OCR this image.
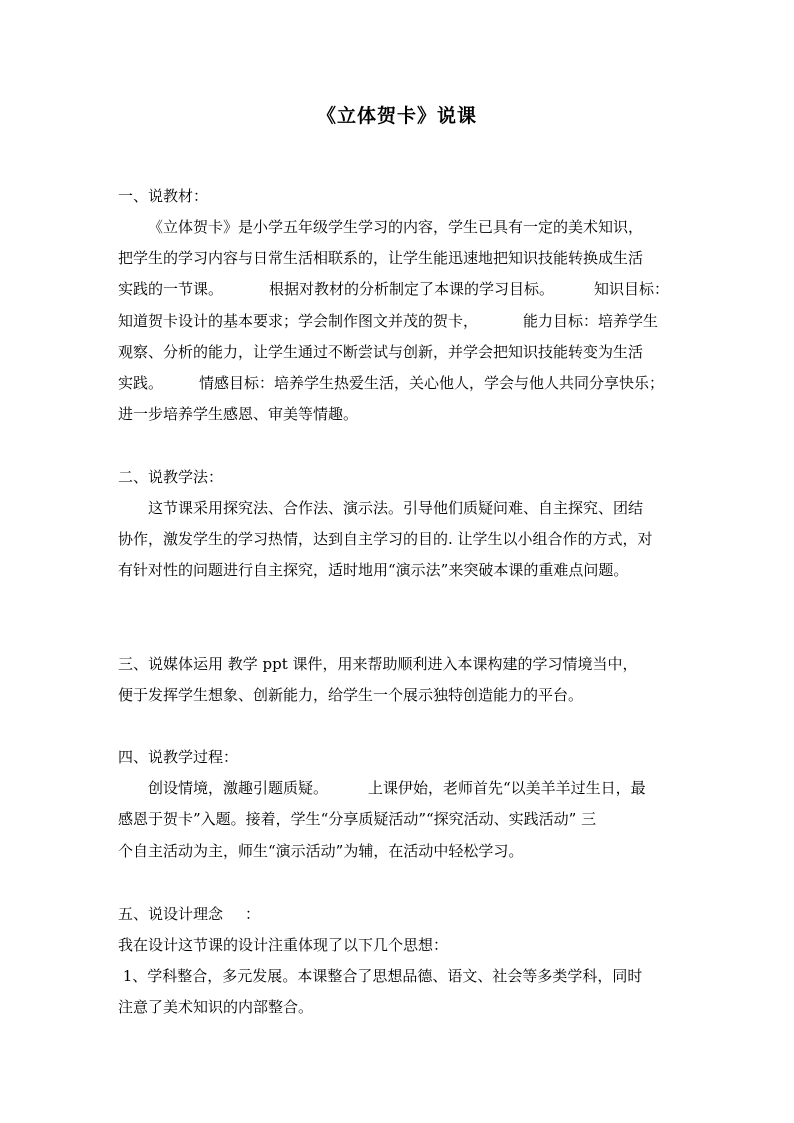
《立体贺卡》说课
一、说教材：
《立体贺卡》是小学五年级学生学习的内容，学生已具有一定的美术知识，
把学生的学习内容与日常生活相联系的，让学生能迅速地把知识技能转换成生活
实践的一节课。	根据对教材的分析制定了本课的学习目标。	知识目标：
知道贺卡设计的基本要求；学会制作图文并茂的贺卡，	能力目标：培养学生
观察、分析的能力，让学生通过不断尝试与创新，并学会把知识技能转变为生活
实践。 情感目标：培养学生热爱生活，关心他人，学会与他人共同分享快乐；
进一步培养学生感恩、审美等情趣。
二、说教学法：
这节课采用探究法、合作法、演示法。引导他们质疑问难、自主探究、团结
协作，激发学生的学习热情，达到自主学习的目的. 让学生以小组合作的方式，对
有针对性的问题进行自主探究，适时地用“演示法”来突破本课的重难点问题。
三、说媒体运用 教学 ppt 课件，用来帮助顺利进入本课构建的学习情境当中，
便于发挥学生想象、创新能力，给学生一个展示独特创造能力的平台。
四、说教学过程：
创设情境，激趣引题质疑。	上课伊始，老师首先“以美羊羊过生日，最
感恩于贺卡”入题。接着，学生“分享质疑活动”“探究活动、实践活动” 三
个自主活动为主，师生“演示活动”为辅，在活动中轻松学习。
五、说设计理念 ：
我在设计这节课的设计注重体现了以下几个思想：
1、学科整合，多元发展。本课整合了思想品德、语文、社会等多类学科，同时
注意了美术知识的内部整合。
